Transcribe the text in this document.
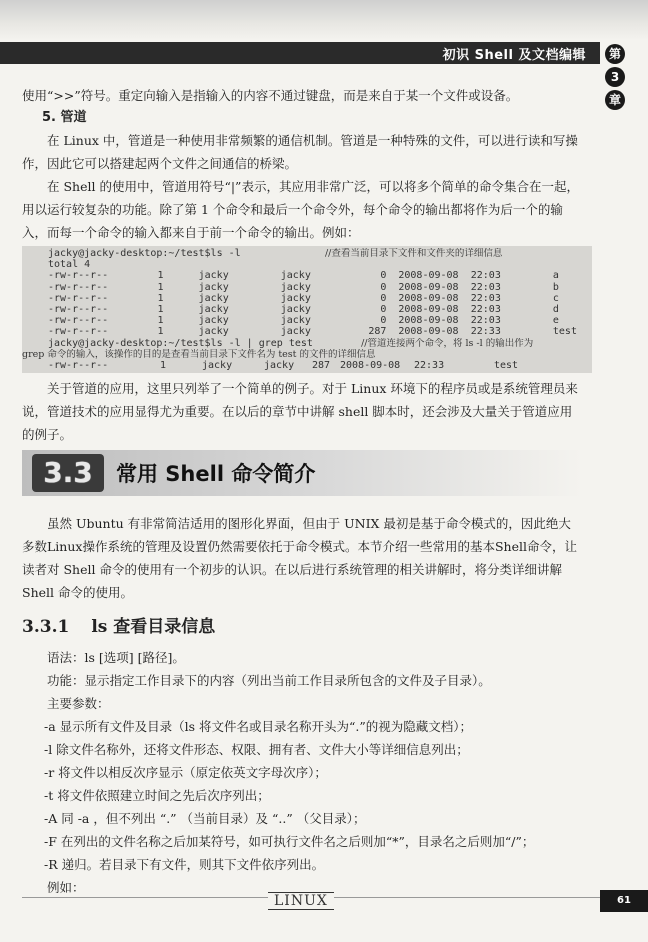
初识 Shell 及文档编辑	第
3
章

使用“>>”符号。重定向输入是指输入的内容不通过键盘，而是来自于某一个文件或设备。

5. 管道

在 Linux 中，管道是一种使用非常频繁的通信机制。管道是一种特殊的文件，可以进行读和写操作，因此它可以搭建起两个文件之间通信的桥梁。

在 Shell 的使用中，管道用符号“|”表示，其应用非常广泛，可以将多个简单的命令集合在一起，用以运行较复杂的功能。除了第 1 个命令和最后一个命令外，每个命令的输出都将作为后一个的输入，而每一个命令的输入都来自于前一个命令的输出。例如：

jacky@jacky-desktop:~/test$ls -l	//查看当前目录下文件和文件夹的详细信息
total 4
-rw-r--r--	1	jacky	jacky	0	2008-09-08	22:03	a
-rw-r--r--	1	jacky	jacky	0	2008-09-08	22:03	b
-rw-r--r--	1	jacky	jacky	0	2008-09-08	22:03	c
-rw-r--r--	1	jacky	jacky	0	2008-09-08	22:03	d
-rw-r--r--	1	jacky	jacky	0	2008-09-08	22:03	e
-rw-r--r--	1	jacky	jacky	287	2008-09-08	22:33	test
jacky@jacky-desktop:~/test$ls -l | grep test	//管道连接两个命令，将 ls -l 的输出作为
grep 命令的输入，该操作的目的是查看当前目录下文件名为 test 的文件的详细信息
-rw-r--r--	1	jacky	jacky	287 2008-09-08	22:33	test

关于管道的应用，这里只列举了一个简单的例子。对于 Linux 环境下的程序员或是系统管理员来说，管道技术的应用显得尤为重要。在以后的章节中讲解 shell 脚本时，还会涉及大量关于管道应用的例子。

3.3	常用 Shell 命令简介

虽然 Ubuntu 有非常简洁适用的图形化界面，但由于 UNIX 最初是基于命令模式的，因此绝大多数Linux操作系统的管理及设置仍然需要依托于命令模式。本节介绍一些常用的基本Shell命令，让读者对 Shell 命令的使用有一个初步的认识。在以后进行系统管理的相关讲解时，将分类详细讲解 Shell 命令的使用。

3.3.1 ls 查看目录信息

语法：ls [选项] [路径]。

功能：显示指定工作目录下的内容（列出当前工作目录所包含的文件及子目录）。

主要参数：

-a 显示所有文件及目录（ls 将文件名或目录名称开头为“.”的视为隐藏文档）；

-l 除文件名称外，还将文件形态、权限、拥有者、文件大小等详细信息列出；

-r 将文件以相反次序显示（原定依英文字母次序）；

-t 将文件依照建立时间之先后次序列出；

-A 同 -a ，但不列出 “.” （当前目录）及 “..” （父目录）；

-F 在列出的文件名称之后加某符号，如可执行文件名之后则加“*”，目录名之后则加“/”；

-R 递归。若目录下有文件，则其下文件依序列出。

例如：

LINUX	61
